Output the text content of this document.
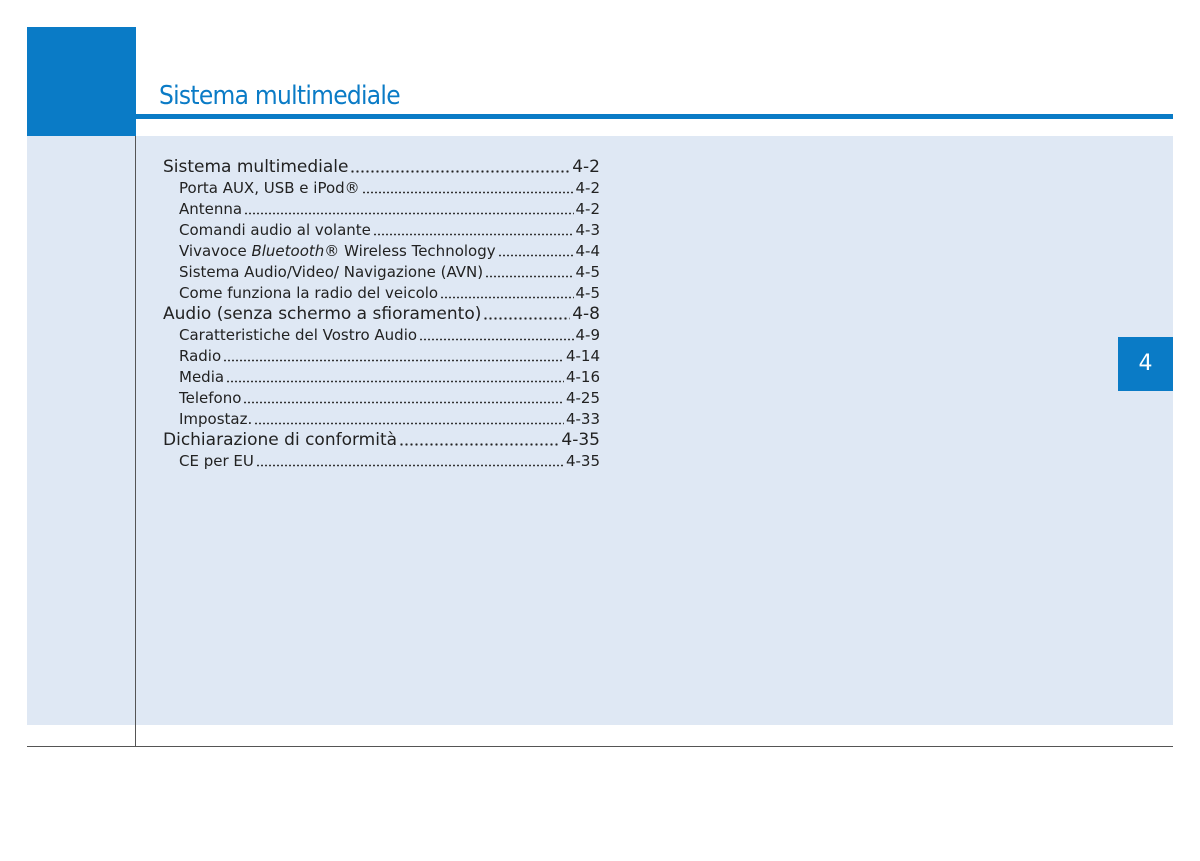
Sistema multimediale
Sistema multimediale	4-2
Porta AUX, USB e iPod®	4-2
Antenna	4-2
Comandi audio al volante	4-3
Vivavoce Bluetooth® Wireless Technology	4-4
Sistema Audio/Video/ Navigazione (AVN)	4-5
Come funziona la radio del veicolo	4-5
Audio (senza schermo a sfioramento)	4-8
Caratteristiche del Vostro Audio	4-9
Radio	4-14
Media	4-16
Telefono	4-25
Impostaz.	4-33
Dichiarazione di conformità	4-35
CE per EU	4-35
4
